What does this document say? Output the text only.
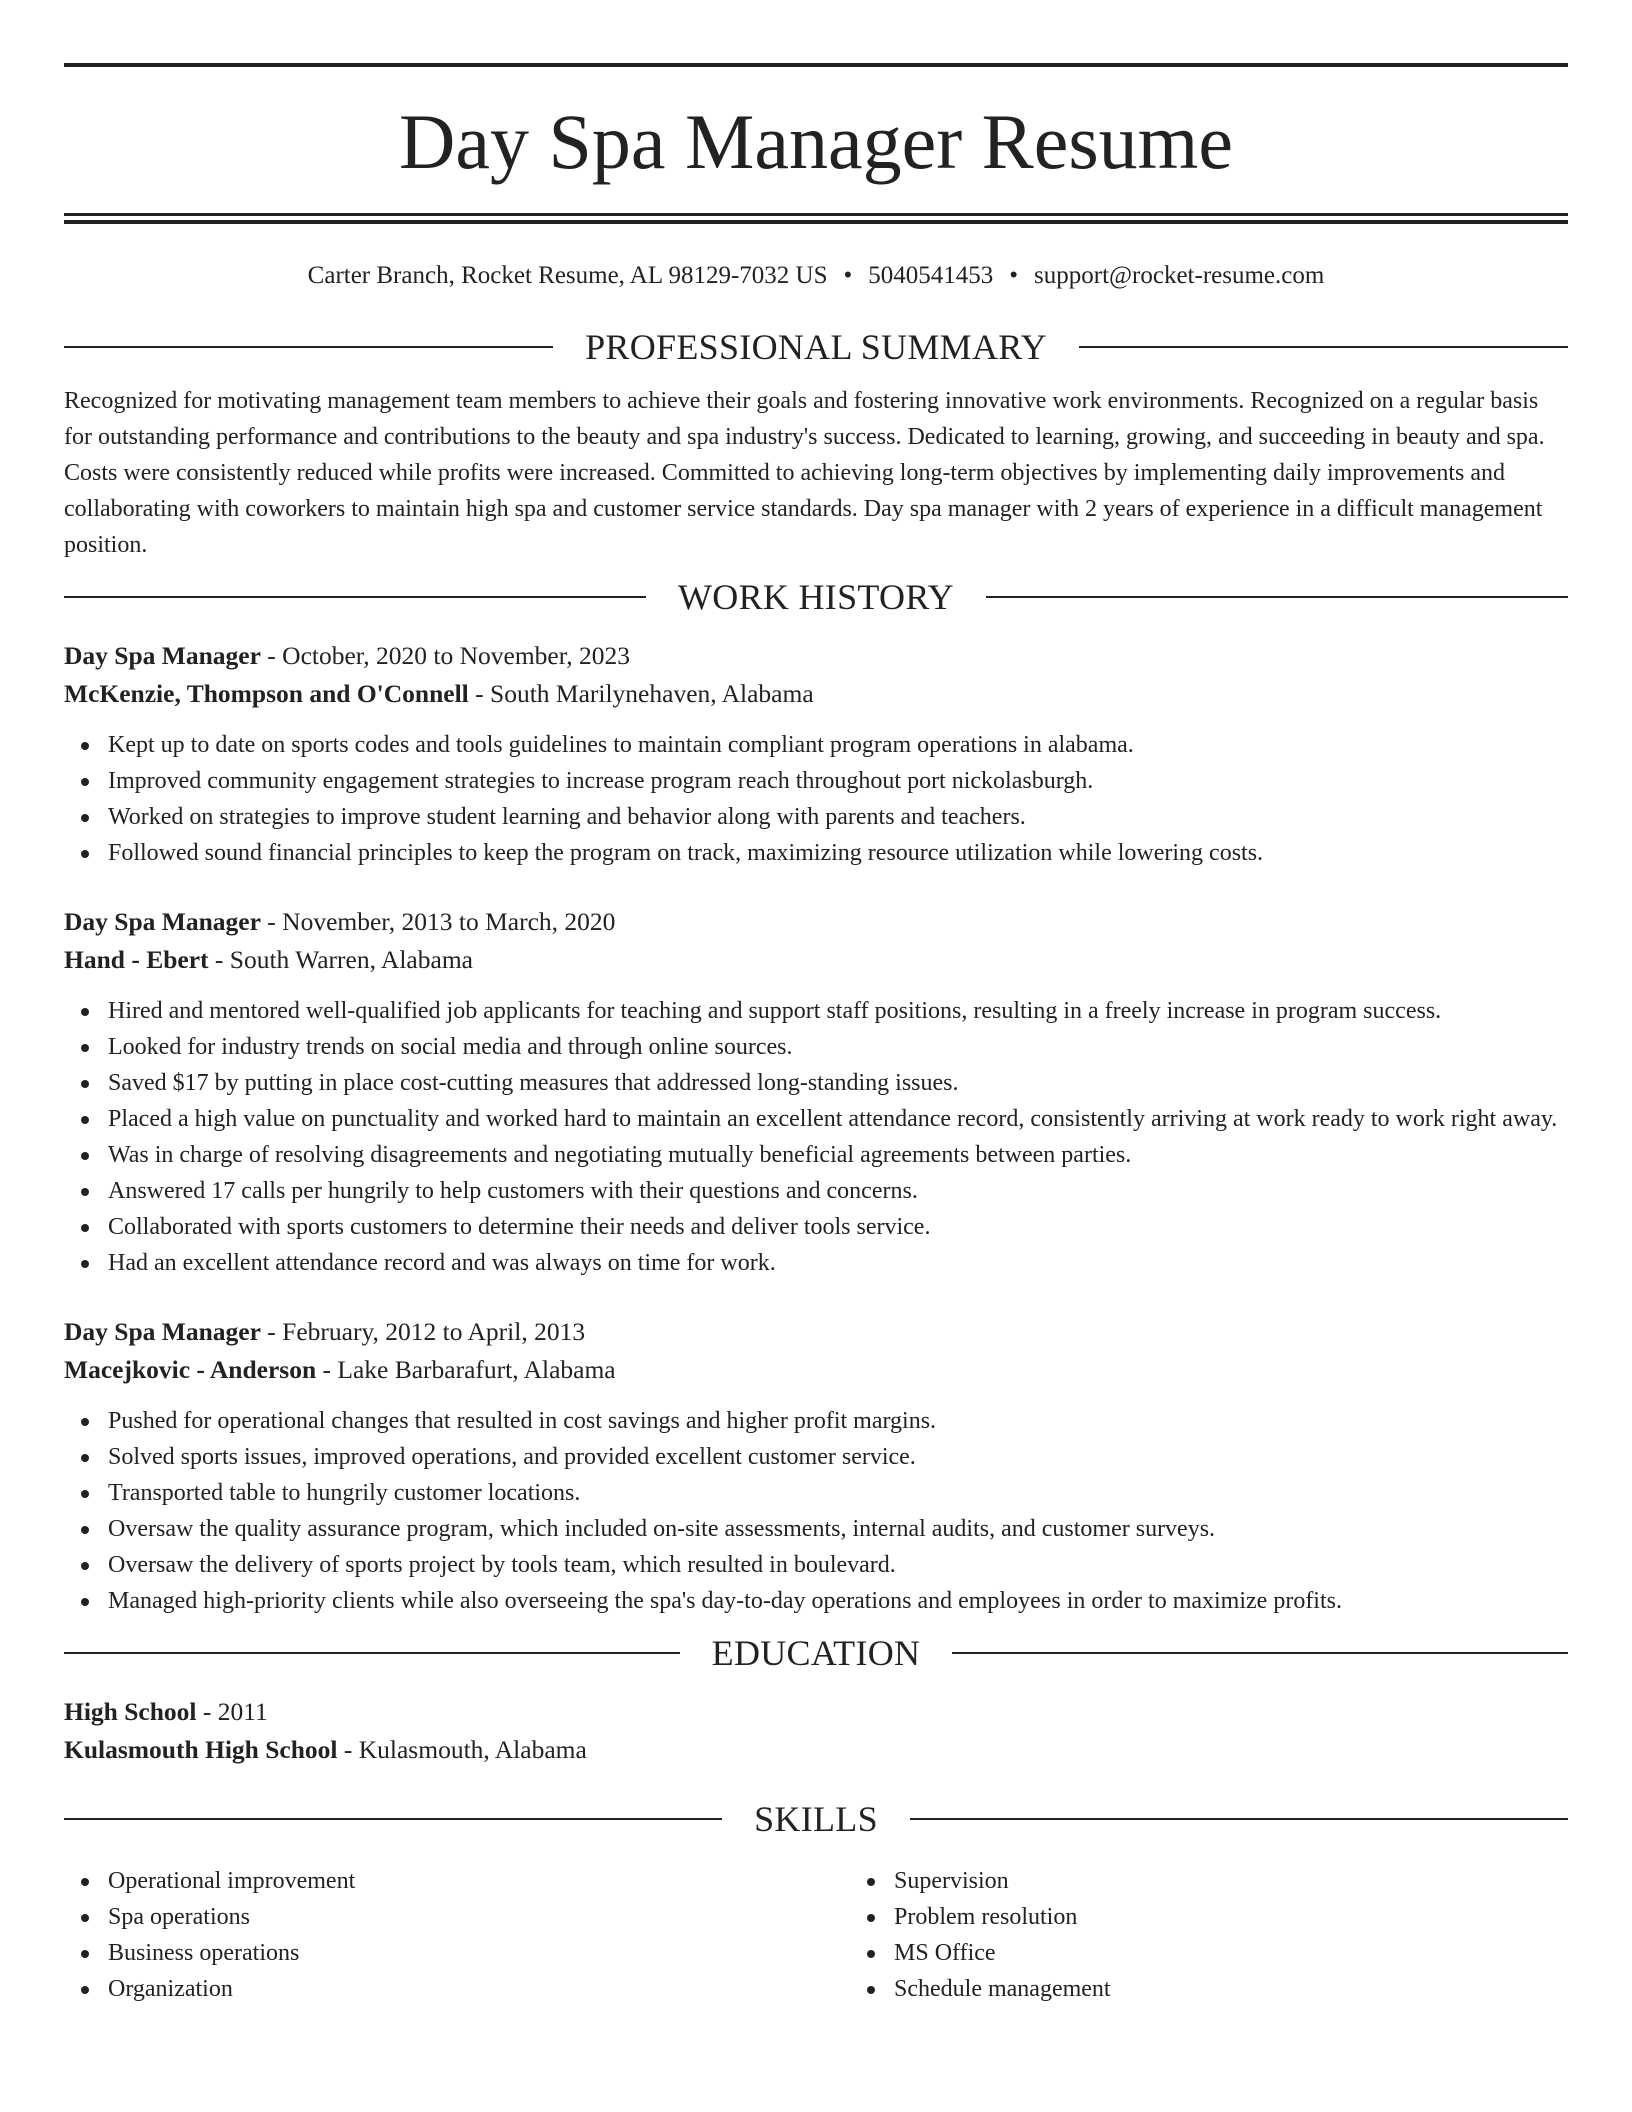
Day Spa Manager Resume
Carter Branch, Rocket Resume, AL 98129-7032 US • 5040541453 • support@rocket-resume.com
PROFESSIONAL SUMMARY

Recognized for motivating management team members to achieve their goals and fostering innovative work environments. Recognized on a regular basis for outstanding performance and contributions to the beauty and spa industry's success. Dedicated to learning, growing, and succeeding in beauty and spa. Costs were consistently reduced while profits were increased. Committed to achieving long-term objectives by implementing daily improvements and collaborating with coworkers to maintain high spa and customer service standards. Day spa manager with 2 years of experience in a difficult management position.

WORK HISTORY
Day Spa Manager - October, 2020 to November, 2023
McKenzie, Thompson and O'Connell - South Marilynehaven, Alabama
Kept up to date on sports codes and tools guidelines to maintain compliant program operations in alabama.
Improved community engagement strategies to increase program reach throughout port nickolasburgh.
Worked on strategies to improve student learning and behavior along with parents and teachers.
Followed sound financial principles to keep the program on track, maximizing resource utilization while lowering costs.
Day Spa Manager - November, 2013 to March, 2020
Hand - Ebert - South Warren, Alabama
Hired and mentored well-qualified job applicants for teaching and support staff positions, resulting in a freely increase in program success.
Looked for industry trends on social media and through online sources.
Saved $17 by putting in place cost-cutting measures that addressed long-standing issues.
Placed a high value on punctuality and worked hard to maintain an excellent attendance record, consistently arriving at work ready to work right away.
Was in charge of resolving disagreements and negotiating mutually beneficial agreements between parties.
Answered 17 calls per hungrily to help customers with their questions and concerns.
Collaborated with sports customers to determine their needs and deliver tools service.
Had an excellent attendance record and was always on time for work.
Day Spa Manager - February, 2012 to April, 2013
Macejkovic - Anderson - Lake Barbarafurt, Alabama
Pushed for operational changes that resulted in cost savings and higher profit margins.
Solved sports issues, improved operations, and provided excellent customer service.
Transported table to hungrily customer locations.
Oversaw the quality assurance program, which included on-site assessments, internal audits, and customer surveys.
Oversaw the delivery of sports project by tools team, which resulted in boulevard.
Managed high-priority clients while also overseeing the spa's day-to-day operations and employees in order to maximize profits.
EDUCATION
High School - 2011
Kulasmouth High School - Kulasmouth, Alabama
SKILLS
Operational improvement
Spa operations
Business operations
Organization
Supervision
Problem resolution
MS Office
Schedule management
